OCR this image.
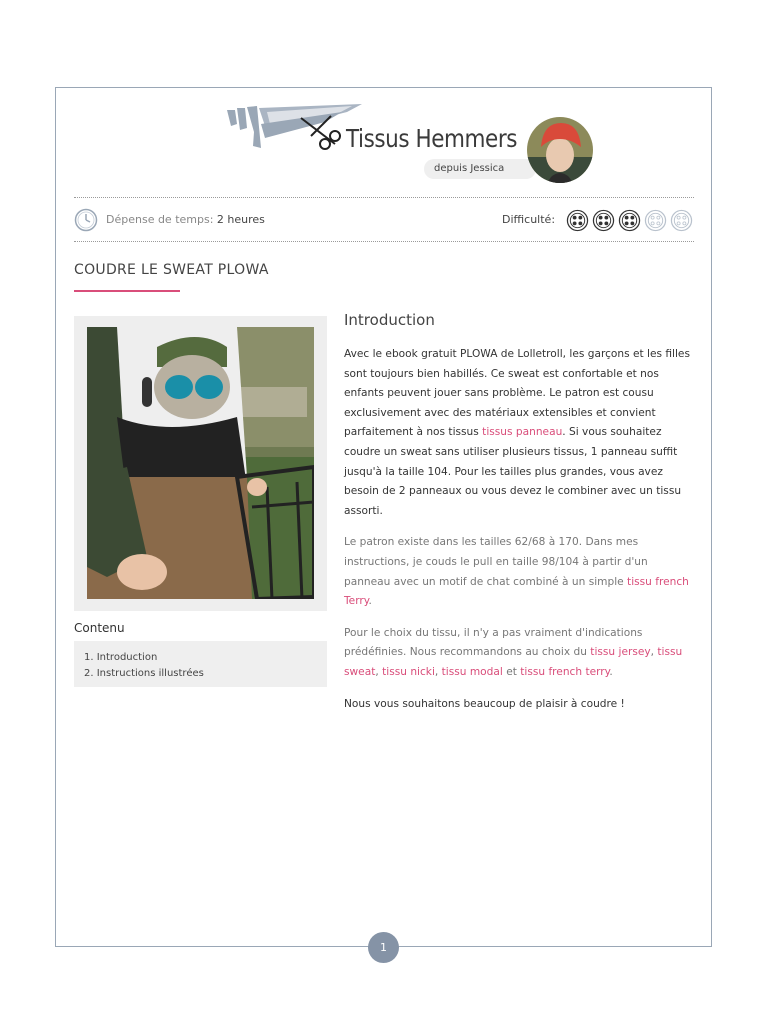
Tissus Hemmers
depuis Jessica
Dépense de temps: 2 heures	Difficulté:
COUDRE LE SWEAT PLOWA
Contenu
1. Introduction
2. Instructions illustrées
Introduction
Avec le ebook gratuit PLOWA de Lolletroll, les garçons et les filles sont toujours bien habillés. Ce sweat est confortable et nos enfants peuvent jouer sans problème. Le patron est cousu exclusivement avec des matériaux extensibles et convient parfaitement à nos tissus tissus panneau. Si vous souhaitez coudre un sweat sans utiliser plusieurs tissus, 1 panneau suffit jusqu'à la taille 104. Pour les tailles plus grandes, vous avez besoin de 2 panneaux ou vous devez le combiner avec un tissu assorti.
Le patron existe dans les tailles 62/68 à 170. Dans mes instructions, je couds le pull en taille 98/104 à partir d'un panneau avec un motif de chat combiné à un simple tissu french Terry.
Pour le choix du tissu, il n'y a pas vraiment d'indications prédéfinies. Nous recommandons au choix du tissu jersey, tissu sweat, tissu nicki, tissu modal et tissu french terry.
Nous vous souhaitons beaucoup de plaisir à coudre !
1
